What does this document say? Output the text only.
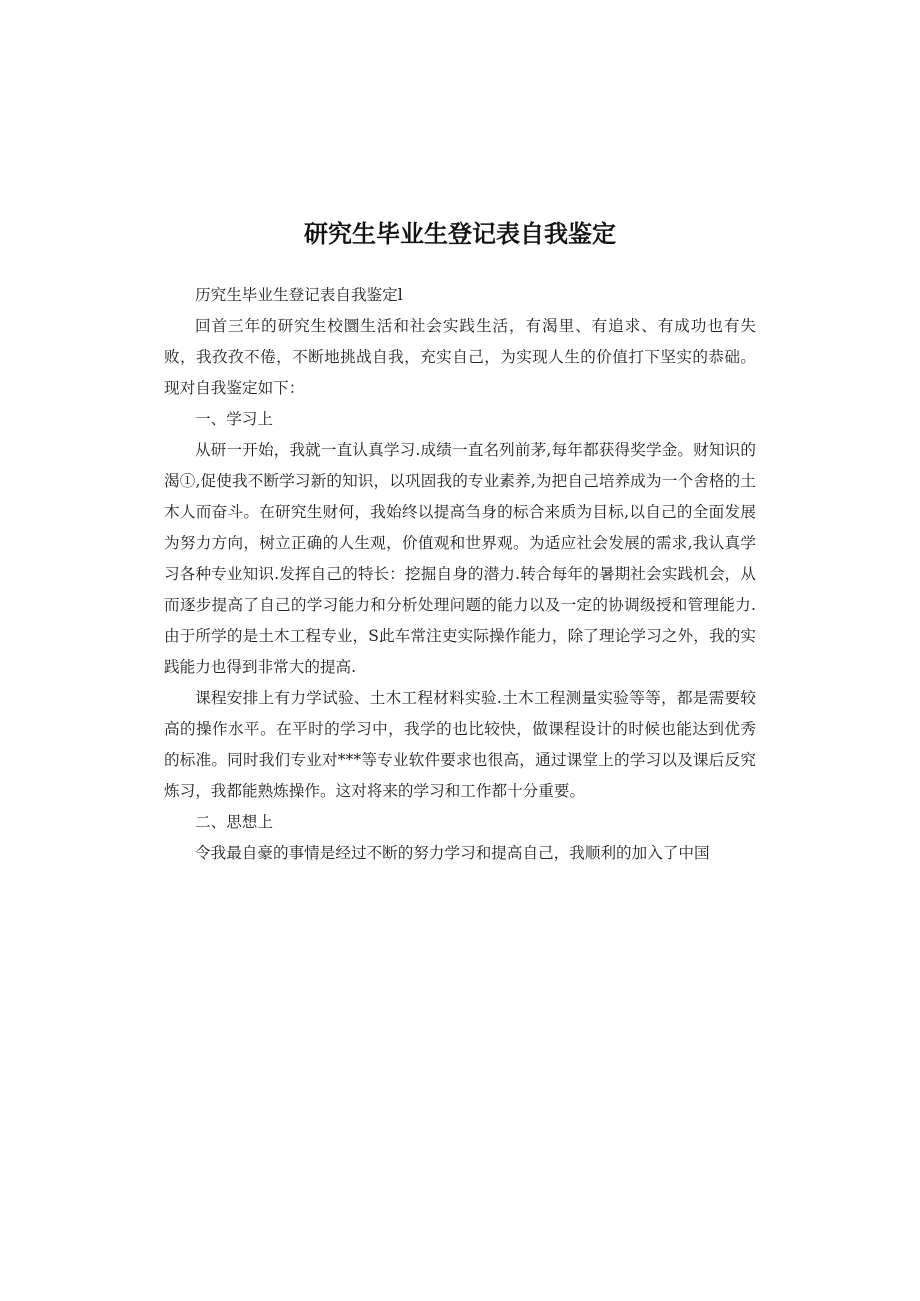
研究生毕业生登记表自我鉴定

历究生毕业生登记表自我鉴定l

回首三年的研究生校圜生活和社会实践生活，有渴里、有追求、有成功也有失败，我孜孜不倦，不断地挑战自我，充实自己，为实现人生的价值打下坚实的恭础。现对自我鉴定如下：

一、学习上

从研一开始，我就一直认真学习.成绩一直名列前茅,每年都获得奖学金。财知识的渴①,促使我不断学习新的知识，以巩固我的专业素养,为把自己培养成为一个舍格的土木人而奋斗。在研究生财何，我始终以提高刍身的标合来质为目标,以自己的全面发展为努力方向，树立正确的人生观，价值观和世界观。为适应社会发展的需求,我认真学习各种专业知识.发挥自己的特长：挖掘自身的潜力.转合每年的暑期社会实践机会，从而逐步提高了自己的学习能力和分析处理问题的能力以及一定的协调级授和管理能力.由于所学的是土木工程专业，S此车常注吏实际操作能力，除了理论学习之外，我的实践能力也得到非常大的提高.

课程安排上有力学试验、土木工程材料实验.土木工程测量实验等等，都是需要较高的操作水平。在平时的学习中，我学的也比较快，做课程设计的时候也能达到优秀的标准。同时我们专业对***等专业软件要求也很高，通过课堂上的学习以及课后反究炼习，我都能熟炼操作。这对将来的学习和工作都十分重要。

二、思想上

令我最自豪的事情是经过不断的努力学习和提高自己，我顺利的加入了中国
